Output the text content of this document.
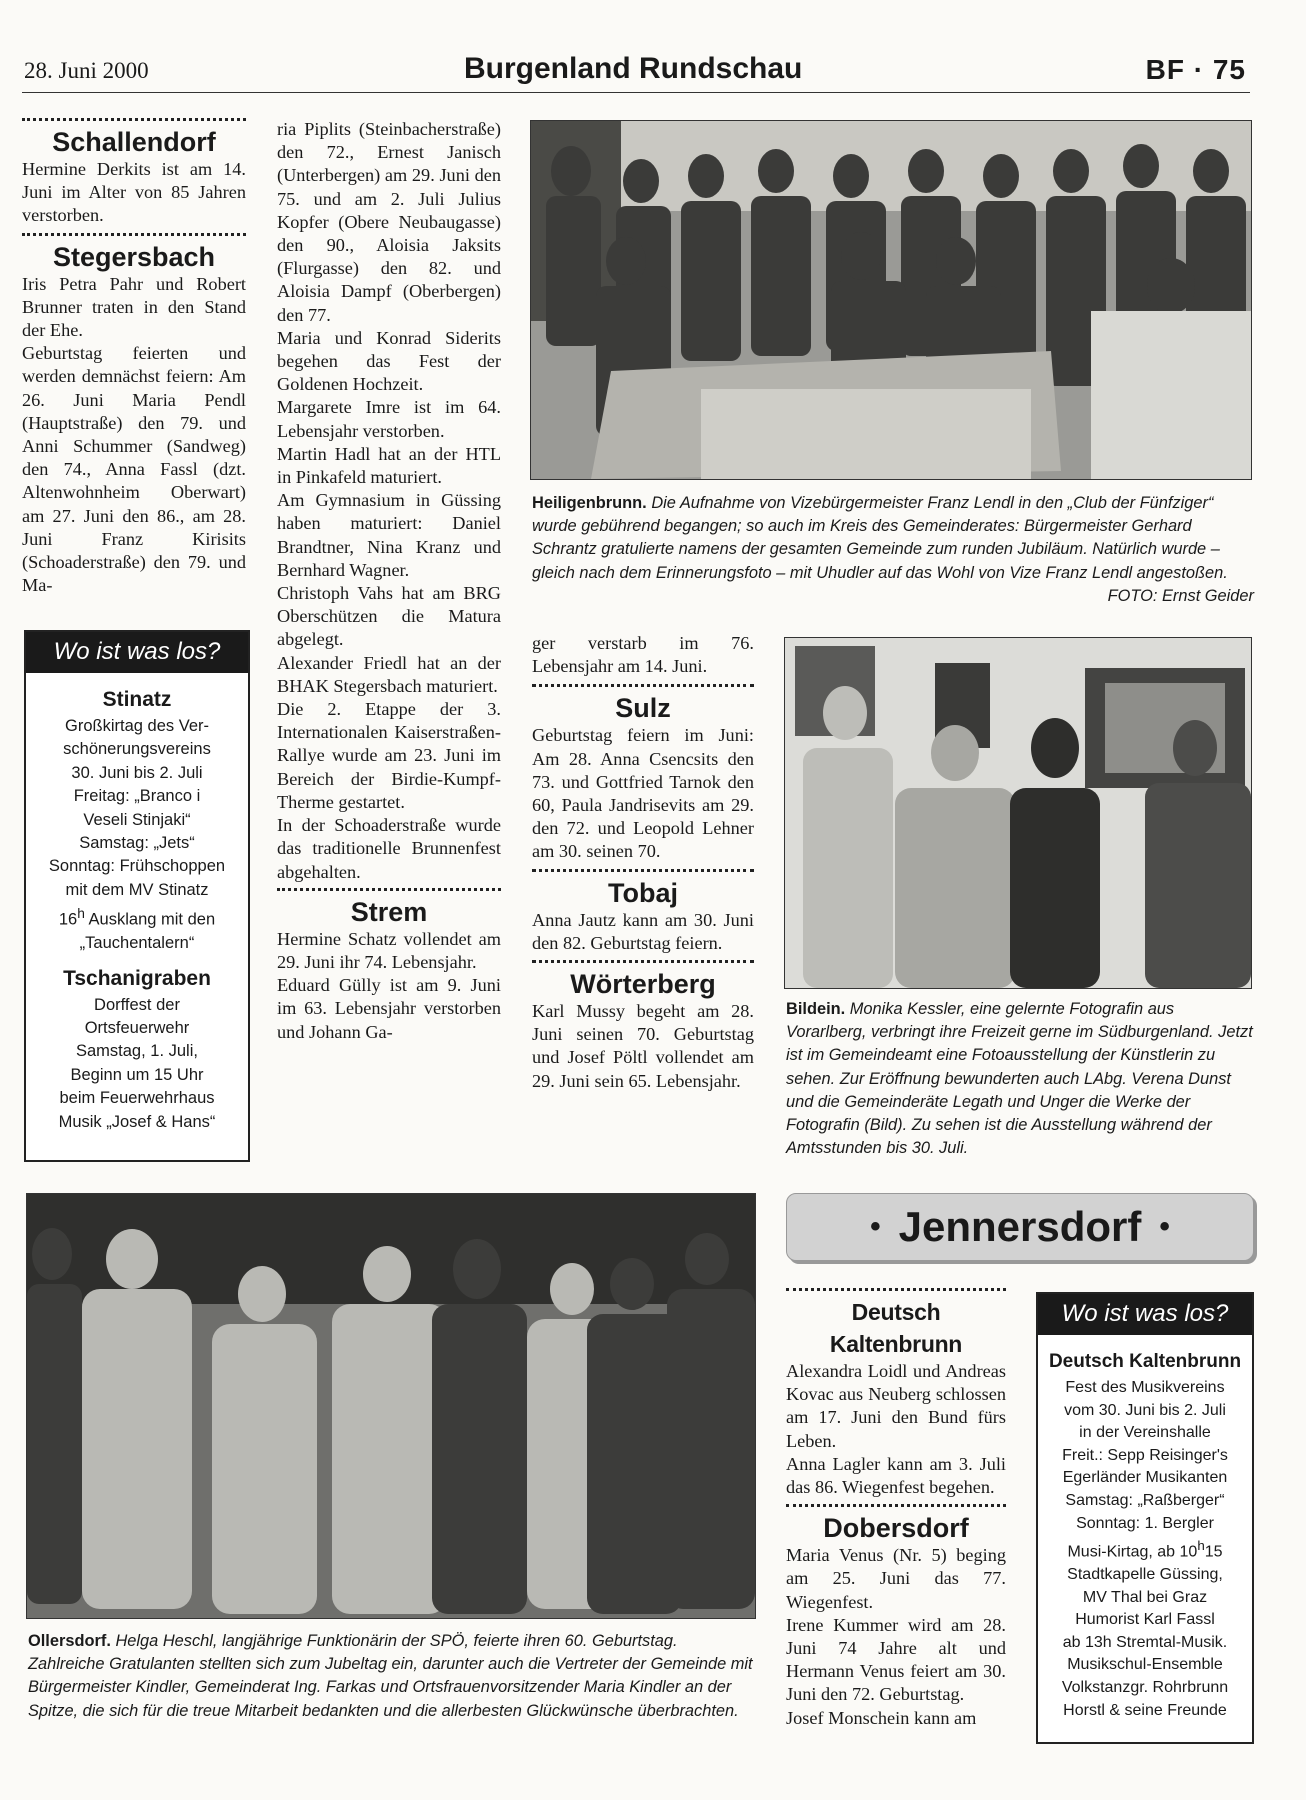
28. Juni 2000	Burgenland Rundschau	BF · 75
Schallendorf

Hermine Derkits ist am 14. Juni im Alter von 85 Jahren verstorben.

Stegersbach

Iris Petra Pahr und Robert Brunner traten in den Stand der Ehe.

Geburtstag feierten und werden demnächst feiern: Am 26. Juni Maria Pendl (Hauptstraße) den 79. und Anni Schummer (Sandweg) den 74., Anna Fassl (dzt. Altenwohnheim Oberwart) am 27. Juni den 86., am 28. Juni Franz Kirisits (Schoaderstraße) den 79. und Ma-

Wo ist was los?
Stinatz
Großkirtag des Ver-
schönerungsvereins
30. Juni bis 2. Juli
Freitag: „Branco i
Veseli Stinjaki“
Samstag: „Jets“
Sonntag: Frühschoppen
mit dem MV Stinatz
16$^h$ Ausklang mit den
„Tauchentalern“
Tschanigraben
Dorffest der
Ortsfeuerwehr
Samstag, 1. Juli,
Beginn um 15 Uhr
beim Feuerwehrhaus
Musik „Josef & Hans“

ria Piplits (Steinbacherstraße) den 72., Ernest Janisch (Unterbergen) am 29. Juni den 75. und am 2. Juli Julius Kopfer (Obere Neubaugasse) den 90., Aloisia Jaksits (Flurgasse) den 82. und Aloisia Dampf (Oberbergen) den 77.

Maria und Konrad Siderits begehen das Fest der Goldenen Hochzeit.

Margarete Imre ist im 64. Lebensjahr verstorben.

Martin Hadl hat an der HTL in Pinkafeld maturiert.

Am Gymnasium in Güssing haben maturiert: Daniel Brandtner, Nina Kranz und Bernhard Wagner.

Christoph Vahs hat am BRG Oberschützen die Matura abgelegt.

Alexander Friedl hat an der BHAK Stegersbach maturiert.

Die 2. Etappe der 3. Internationalen Kaiserstraßen-Rallye wurde am 23. Juni im Bereich der Birdie-Kumpf-Therme gestartet.

In der Schoaderstraße wurde das traditionelle Brunnenfest abgehalten.

Strem

Hermine Schatz vollendet am 29. Juni ihr 74. Lebensjahr.

Eduard Gülly ist am 9. Juni im 63. Lebensjahr verstorben und Johann Ga-

Heiligenbrunn. Die Aufnahme von Vizebürgermeister Franz Lendl in den „Club der Fünfziger“ wurde gebührend begangen; so auch im Kreis des Gemeinderates: Bürgermeister Gerhard Schrantz gratulierte namens der gesamten Gemeinde zum runden Jubiläum. Natürlich wurde – gleich nach dem Erinnerungsfoto – mit Uhudler auf das Wohl von Vize Franz Lendl angestoßen.
FOTO: Ernst Geider

ger verstarb im 76. Lebensjahr am 14. Juni.

Sulz

Geburtstag feiern im Juni: Am 28. Anna Csencsits den 73. und Gottfried Tarnok den 60, Paula Jandrisevits am 29. den 72. und Leopold Lehner am 30. seinen 70.

Tobaj

Anna Jautz kann am 30. Juni den 82. Geburtstag feiern.

Wörterberg

Karl Mussy begeht am 28. Juni seinen 70. Geburtstag und Josef Pöltl vollendet am 29. Juni sein 65. Lebensjahr.

Bildein. Monika Kessler, eine gelernte Fotografin aus Vorarlberg, verbringt ihre Freizeit gerne im Südburgenland. Jetzt ist im Gemeindeamt eine Fotoausstellung der Künstlerin zu sehen. Zur Eröffnung bewunderten auch LAbg. Verena Dunst und die Gemeinderäte Legath und Unger die Werke der Fotografin (Bild). Zu sehen ist die Ausstellung während der Amtsstunden bis 30. Juli.
Ollersdorf. Helga Heschl, langjährige Funktionärin der SPÖ, feierte ihren 60. Geburtstag. Zahlreiche Gratulanten stellten sich zum Jubeltag ein, darunter auch die Vertreter der Gemeinde mit Bürgermeister Kindler, Gemeinderat Ing. Farkas und Ortsfrauenvorsitzender Maria Kindler an der Spitze, die sich für die treue Mitarbeit bedankten und die allerbesten Glückwünsche überbrachten.
• Jennersdorf •
Deutsch Kaltenbrunn

Alexandra Loidl und Andreas Kovac aus Neuberg schlossen am 17. Juni den Bund fürs Leben.

Anna Lagler kann am 3. Juli das 86. Wiegenfest begehen.

Dobersdorf

Maria Venus (Nr. 5) beging am 25. Juni das 77. Wiegenfest.

Irene Kummer wird am 28. Juni 74 Jahre alt und Hermann Venus feiert am 30. Juni den 72. Geburtstag.

Josef Monschein kann am

Wo ist was los?
Deutsch Kaltenbrunn
Fest des Musikvereins
vom 30. Juni bis 2. Juli
in der Vereinshalle
Freit.: Sepp Reisinger's
Egerländer Musikanten
Samstag: „Raßberger“
Sonntag: 1. Bergler
Musi-Kirtag, ab 10$^h$15
Stadtkapelle Güssing,
MV Thal bei Graz
Humorist Karl Fassl
ab 13h Stremtal-Musik.
Musikschul-Ensemble
Volkstanzgr. Rohrbrunn
Horstl & seine Freunde
